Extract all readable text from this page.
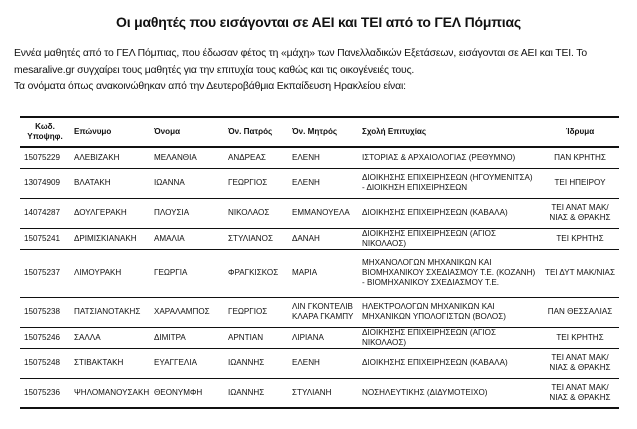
Οι μαθητές που εισάγονται σε ΑΕΙ και ΤΕΙ από το ΓΕΛ Πόμπιας
Εννέα μαθητές από το ΓΕΛ Πόμπιας, που έδωσαν φέτος τη «μάχη» των Πανελλαδικών Εξετάσεων, εισάγονται σε ΑΕΙ και ΤΕΙ. Το
mesaralive.gr συγχαίρει τους μαθητές για την επιτυχία τους καθώς και τις οικογένειές τους.
Τα ονόματα όπως ανακοινώθηκαν από την Δευτεροβάθμια Εκπαίδευση Ηρακλείου είναι:
Κωδ. Υποψηφ.	Επώνυμο	Όνομα	Όν. Πατρός	Όν. Μητρός	Σχολή Επιτυχίας	Ίδρυμα
15075229	ΑΛΕΒΙΖΑΚΗ	ΜΕΛΑΝΘΙΑ	ΑΝΔΡΕΑΣ	ΕΛΕΝΗ	ΙΣΤΟΡΙΑΣ & ΑΡΧΑΙΟΛΟΓΙΑΣ (ΡΕΘΥΜΝΟ)	ΠΑΝ ΚΡΗΤΗΣ
13074909	ΒΛΑΤΑΚΗ	ΙΩΑΝΝΑ	ΓΕΩΡΓΙΟΣ	ΕΛΕΝΗ	ΔΙΟΙΚΗΣΗΣ ΕΠΙΧΕΙΡΗΣΕΩΝ (ΗΓΟΥΜΕΝΙΤΣΑ) - ΔΙΟΙΚΗΣΗ ΕΠΙΧΕΙΡΗΣΕΩΝ	ΤΕΙ ΗΠΕΙΡΟΥ
14074287	ΔΟΥΛΓΕΡΑΚΗ	ΠΛΟΥΣΙΑ	ΝΙΚΟΛΑΟΣ	ΕΜΜΑΝΟΥΕΛΑ	ΔΙΟΙΚΗΣΗΣ ΕΠΙΧΕΙΡΗΣΕΩΝ (ΚΑΒΑΛΑ)	ΤΕΙ ΑΝΑΤ ΜΑΚ/ ΝΙΑΣ & ΘΡΑΚΗΣ
15075241	ΔΡΙΜΙΣΚΙΑΝΑΚΗ	ΑΜΑΛΙΑ	ΣΤΥΛΙΑΝΟΣ	ΔΑΝΑΗ	ΔΙΟΙΚΗΣΗΣ ΕΠΙΧΕΙΡΗΣΕΩΝ (ΑΓΙΟΣ ΝΙΚΟΛΑΟΣ)	ΤΕΙ ΚΡΗΤΗΣ
15075237	ΛΙΜΟΥΡΑΚΗ	ΓΕΩΡΓΙΑ	ΦΡΑΓΚΙΣΚΟΣ	ΜΑΡΙΑ	ΜΗΧΑΝΟΛΟΓΩΝ ΜΗΧΑΝΙΚΩΝ ΚΑΙ ΒΙΟΜΗΧΑΝΙΚΟΥ ΣΧΕΔΙΑΣΜΟΥ Τ.Ε. (ΚΟΖΑΝΗ) - ΒΙΟΜΗΧΑΝΙΚΟΥ ΣΧΕΔΙΑΣΜΟΥ Τ.Ε.	ΤΕΙ ΔΥΤ ΜΑΚ/ΝΙΑΣ
15075238	ΠΑΤΣΙΑΝΟΤΑΚΗΣ	ΧΑΡΑΛΑΜΠΟΣ	ΓΕΩΡΓΙΟΣ	ΛΙΝ ΓΚΟΝΤΕΛΙΒ ΚΛΑΡΑ ΓΚΑΜΠΥ	ΗΛΕΚΤΡΟΛΟΓΩΝ ΜΗΧΑΝΙΚΩΝ ΚΑΙ ΜΗΧΑΝΙΚΩΝ ΥΠΟΛΟΓΙΣΤΩΝ (ΒΟΛΟΣ)	ΠΑΝ ΘΕΣΣΑΛΙΑΣ
15075246	ΣΑΛΛΑ	ΔΙΜΙΤΡΑ	ΑΡΝΤΙΑΝ	ΛΙΡΙΑΝΑ	ΔΙΟΙΚΗΣΗΣ ΕΠΙΧΕΙΡΗΣΕΩΝ (ΑΓΙΟΣ ΝΙΚΟΛΑΟΣ)	ΤΕΙ ΚΡΗΤΗΣ
15075248	ΣΤΙΒΑΚΤΑΚΗ	ΕΥΑΓΓΕΛΙΑ	ΙΩΑΝΝΗΣ	ΕΛΕΝΗ	ΔΙΟΙΚΗΣΗΣ ΕΠΙΧΕΙΡΗΣΕΩΝ (ΚΑΒΑΛΑ)	ΤΕΙ ΑΝΑΤ ΜΑΚ/ ΝΙΑΣ & ΘΡΑΚΗΣ
15075236	ΨΗΛΟΜΑΝΟΥΣΑΚΗ	ΘΕΟΝΥΜΦΗ	ΙΩΑΝΝΗΣ	ΣΤΥΛΙΑΝΗ	ΝΟΣΗΛΕΥΤΙΚΗΣ (ΔΙΔΥΜΟΤΕΙΧΟ)	ΤΕΙ ΑΝΑΤ ΜΑΚ/ ΝΙΑΣ & ΘΡΑΚΗΣ
